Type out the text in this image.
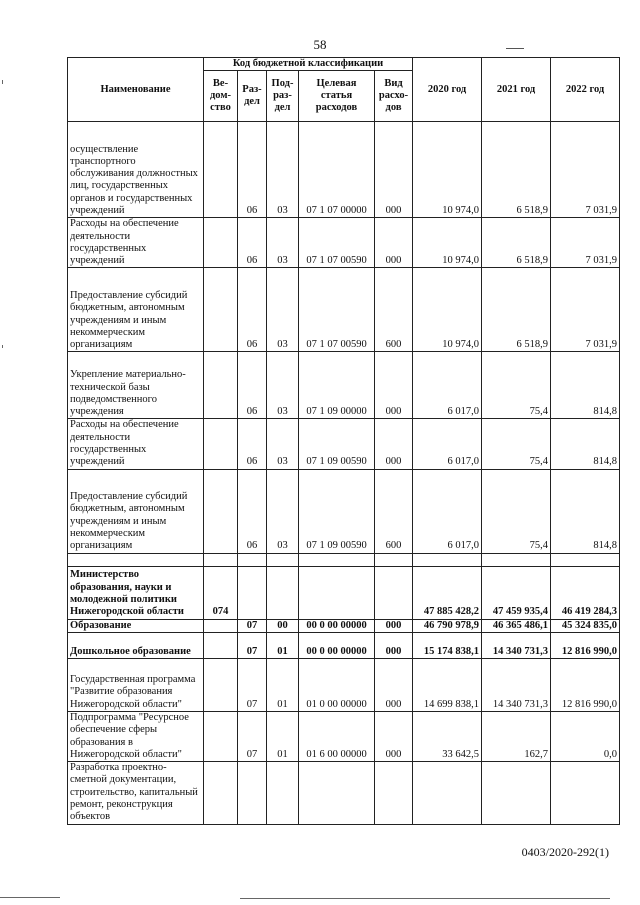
58
Наименование	Код бюджетной классификации					2020 год	2021 год	2022 год
	Ве- дом- ство	Раз- дел	Под- раз- дел	Целевая статья расходов	Вид расхо- дов			
осуществление транспортного обслуживания должностных лиц, государственных органов и государственных учреждений		06	03	07 1 07 00000	000	10 974,0	6 518,9	7 031,9
Расходы на обеспечение деятельности государственных учреждений		06	03	07 1 07 00590	000	10 974,0	6 518,9	7 031,9
Предоставление субсидий бюджетным, автономным учреждениям и иным некоммерческим организациям		06	03	07 1 07 00590	600	10 974,0	6 518,9	7 031,9
Укрепление материально-технической базы подведомственного учреждения		06	03	07 1 09 00000	000	6 017,0	75,4	814,8
Расходы на обеспечение деятельности государственных учреждений		06	03	07 1 09 00590	000	6 017,0	75,4	814,8
Предоставление субсидий бюджетным, автономным учреждениям и иным некоммерческим организациям		06	03	07 1 09 00590	600	6 017,0	75,4	814,8

Министерство образования, науки и молодежной политики Нижегородской области	074					47 885 428,2	47 459 935,4	46 419 284,3
Образование		07	00	00 0 00 00000	000	46 790 978,9	46 365 486,1	45 324 835,0
Дошкольное образование		07	01	00 0 00 00000	000	15 174 838,1	14 340 731,3	12 816 990,0
Государственная программа "Развитие образования Нижегородской области"		07	01	01 0 00 00000	000	14 699 838,1	14 340 731,3	12 816 990,0
Подпрограмма "Ресурсное обеспечение сферы образования в Нижегородской области"		07	01	01 6 00 00000	000	33 642,5	162,7	0,0
Разработка проектно-сметной документации, строительство, капитальный ремонт, реконструкция объектов								
0403/2020-292(1)
